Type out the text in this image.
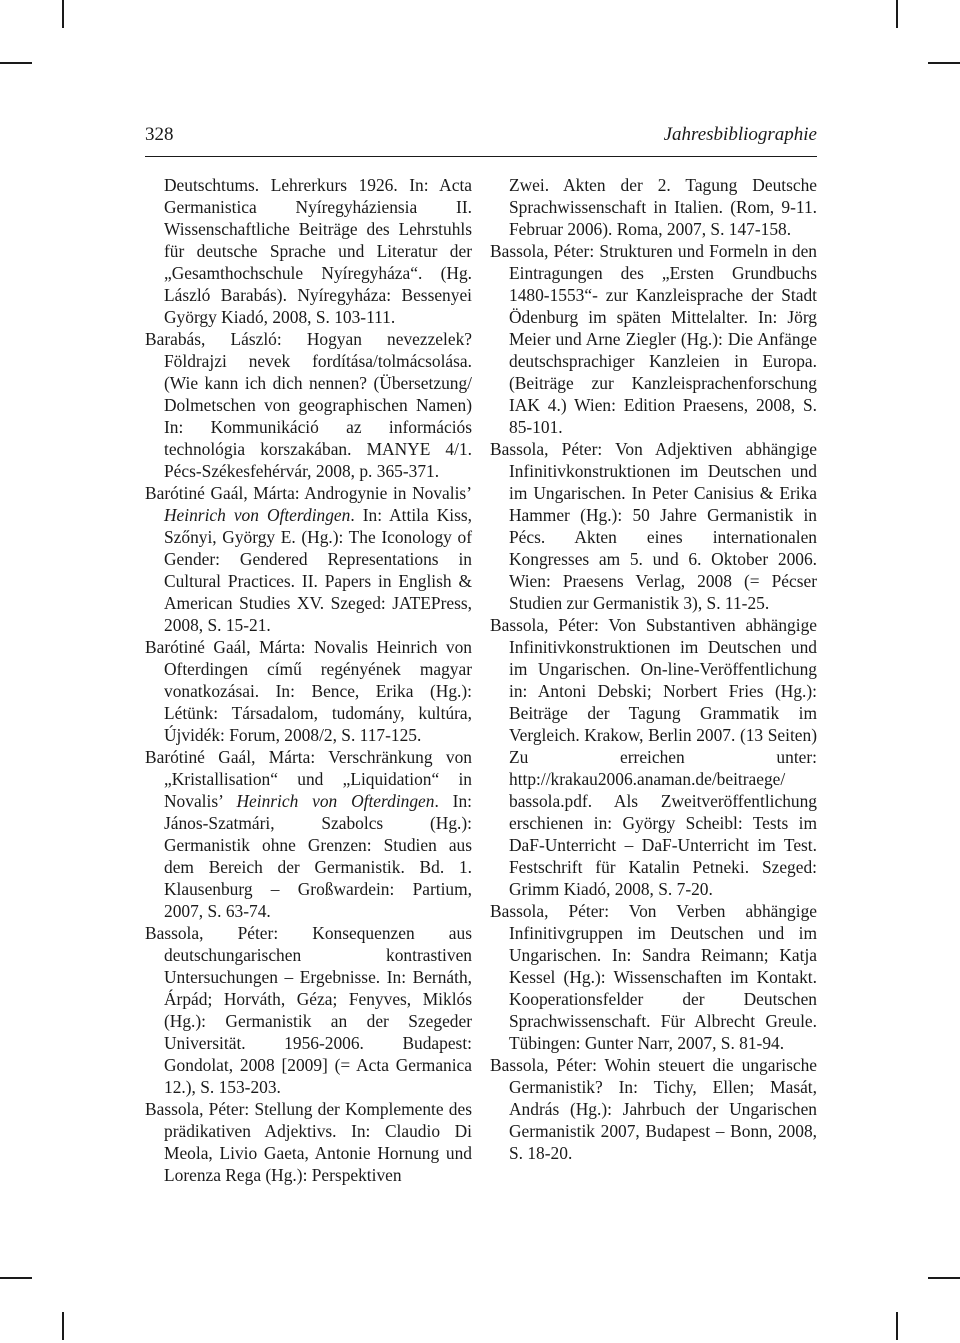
328	Jahresbibliographie

Deutschtums. Lehrerkurs 1926. In: Acta Germanistica Nyíregyháziensia II. Wissenschaftliche Beiträge des Lehrstuhls für deutsche Sprache und Literatur der „Gesamthochschule Nyíregyháza“. (Hg. László Barabás). Nyíregyháza: Bessenyei György Kiadó, 2008, S. 103-111.

Barabás, László: Hogyan nevezzelek? Földrajzi nevek fordítása/tolmácsolása. (Wie kann ich dich nennen? (Übersetzung/ Dolmetschen von geographischen Namen) In: Kommunikáció az információs technológia korszakában. MANYE 4/1. Pécs-Székesfehérvár, 2008, p. 365-371.

Barótiné Gaál, Márta: Androgynie in Novalis’ Heinrich von Ofterdingen. In: Attila Kiss, Szőnyi, György E. (Hg.): The Iconology of Gender: Gendered Representations in Cultural Practices. II. Papers in English & American Studies XV. Szeged: JATEPress, 2008, S. 15-21.

Barótiné Gaál, Márta: Novalis Heinrich von Ofterdingen című regényének magyar vonatkozásai. In: Bence, Erika (Hg.): Létünk: Társadalom, tudomány, kultúra, Újvidék: Forum, 2008/2, S. 117-125.

Barótiné Gaál, Márta: Verschränkung von „Kristallisation“ und „Liquidation“ in Novalis’ Heinrich von Ofterdingen. In: János-Szatmári, Szabolcs (Hg.): Germanistik ohne Grenzen: Studien aus dem Bereich der Germanistik. Bd. 1. Klausenburg – Großwardein: Partium, 2007, S. 63-74.

Bassola, Péter: Konsequenzen aus deutschungarischen kontrastiven Untersuchungen – Ergebnisse. In: Bernáth, Árpád; Horváth, Géza; Fenyves, Miklós (Hg.): Germanistik an der Szegeder Universität. 1956-2006. Budapest: Gondolat, 2008 [2009] (= Acta Germanica 12.), S. 153-203.

Bassola, Péter: Stellung der Komplemente des prädikativen Adjektivs. In: Claudio Di Meola, Livio Gaeta, Antonie Hornung und Lorenza Rega (Hg.): Perspektiven

Zwei. Akten der 2. Tagung Deutsche Sprachwissenschaft in Italien. (Rom, 9-11. Februar 2006). Roma, 2007, S. 147-158.

Bassola, Péter: Strukturen und Formeln in den Eintragungen des „Ersten Grundbuchs 1480-1553“- zur Kanzleisprache der Stadt Ödenburg im späten Mittelalter. In: Jörg Meier und Arne Ziegler (Hg.): Die Anfänge deutschsprachiger Kanzleien in Europa. (Beiträge zur Kanzleisprachenforschung IAK 4.) Wien: Edition Praesens, 2008, S. 85-101.

Bassola, Péter: Von Adjektiven abhängige Infinitivkonstruktionen im Deutschen und im Ungarischen. In Peter Canisius & Erika Hammer (Hg.): 50 Jahre Germanistik in Pécs. Akten eines internationalen Kongresses am 5. und 6. Oktober 2006. Wien: Praesens Verlag, 2008 (= Pécser Studien zur Germanistik 3), S. 11-25.

Bassola, Péter: Von Substantiven abhängige Infinitivkonstruktionen im Deutschen und im Ungarischen. On-line-Veröffentlichung in: Antoni Debski; Norbert Fries (Hg.): Beiträge der Tagung Grammatik im Vergleich. Krakow, Berlin 2007. (13 Seiten) Zu erreichen unter: http://krakau2006.anaman.de/beitraege/ bassola.pdf. Als Zweitveröffentlichung erschienen in: György Scheibl: Tests im DaF-Unterricht – DaF-Unterricht im Test. Festschrift für Katalin Petneki. Szeged: Grimm Kiadó, 2008, S. 7-20.

Bassola, Péter: Von Verben abhängige Infinitivgruppen im Deutschen und im Ungarischen. In: Sandra Reimann; Katja Kessel (Hg.): Wissenschaften im Kontakt. Kooperationsfelder der Deutschen Sprachwissenschaft. Für Albrecht Greule. Tübingen: Gunter Narr, 2007, S. 81-94.

Bassola, Péter: Wohin steuert die ungarische Germanistik? In: Tichy, Ellen; Masát, András (Hg.): Jahrbuch der Ungarischen Germanistik 2007, Budapest – Bonn, 2008, S. 18-20.
